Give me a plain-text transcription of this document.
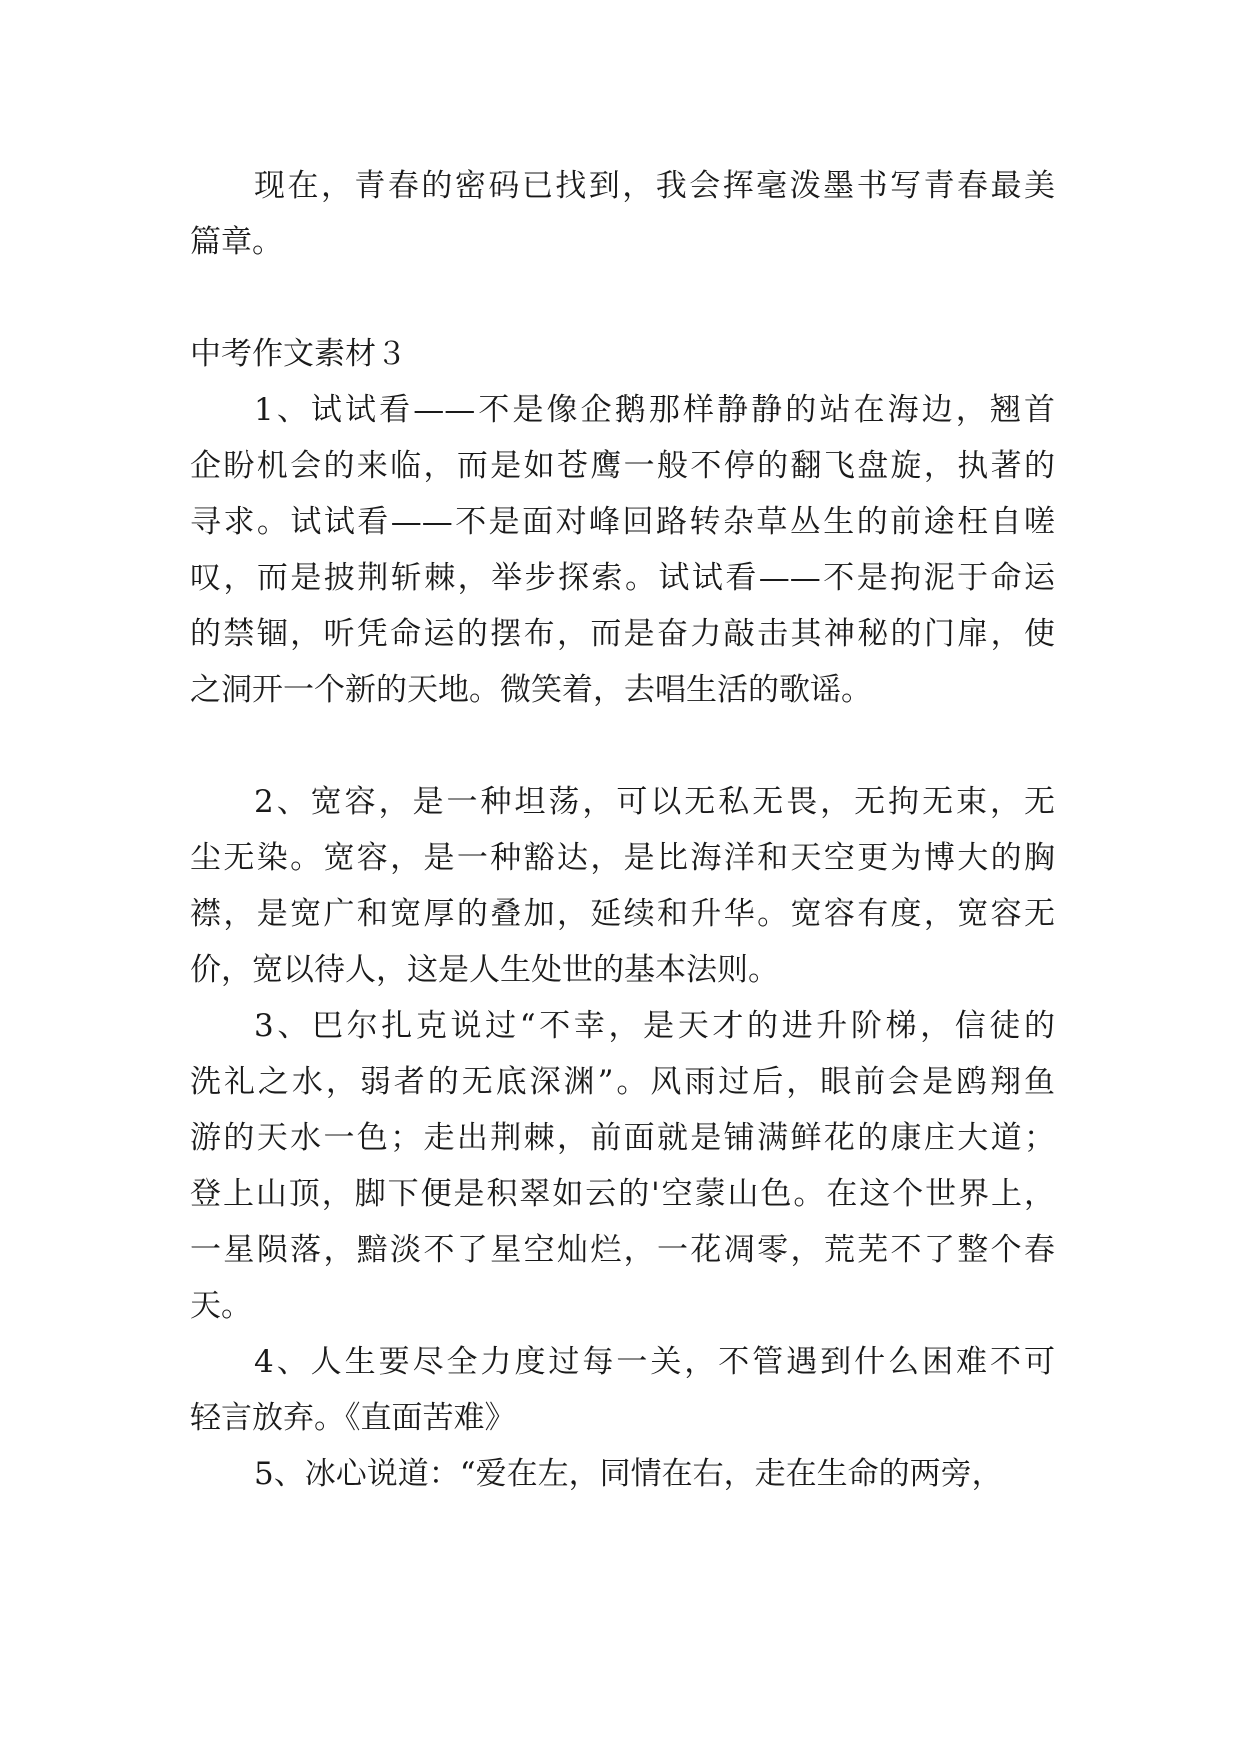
现在，青春的密码已找到，我会挥毫泼墨书写青春最美
篇章。
中考作文素材３
1、试试看——不是像企鹅那样静静的站在海边，翘首
企盼机会的来临，而是如苍鹰一般不停的翻飞盘旋，执著的
寻求。试试看——不是面对峰回路转杂草丛生的前途枉自嗟
叹，而是披荆斩棘，举步探索。试试看——不是拘泥于命运
的禁锢，听凭命运的摆布，而是奋力敲击其神秘的门扉，使
之洞开一个新的天地。微笑着，去唱生活的歌谣。
2、宽容，是一种坦荡，可以无私无畏，无拘无束，无
尘无染。宽容，是一种豁达，是比海洋和天空更为博大的胸
襟，是宽广和宽厚的叠加，延续和升华。宽容有度，宽容无
价，宽以待人，这是人生处世的基本法则。
3、巴尔扎克说过“不幸，是天才的进升阶梯，信徒的
洗礼之水，弱者的无底深渊”。风雨过后，眼前会是鸥翔鱼
游的天水一色；走出荆棘，前面就是铺满鲜花的康庄大道；
登上山顶，脚下便是积翠如云的'空蒙山色。在这个世界上，
一星陨落，黯淡不了星空灿烂，一花凋零，荒芜不了整个春
天。
4、人生要尽全力度过每一关，不管遇到什么困难不可
轻言放弃。《直面苦难》
5、冰心说道：“爱在左，同情在右，走在生命的两旁，
